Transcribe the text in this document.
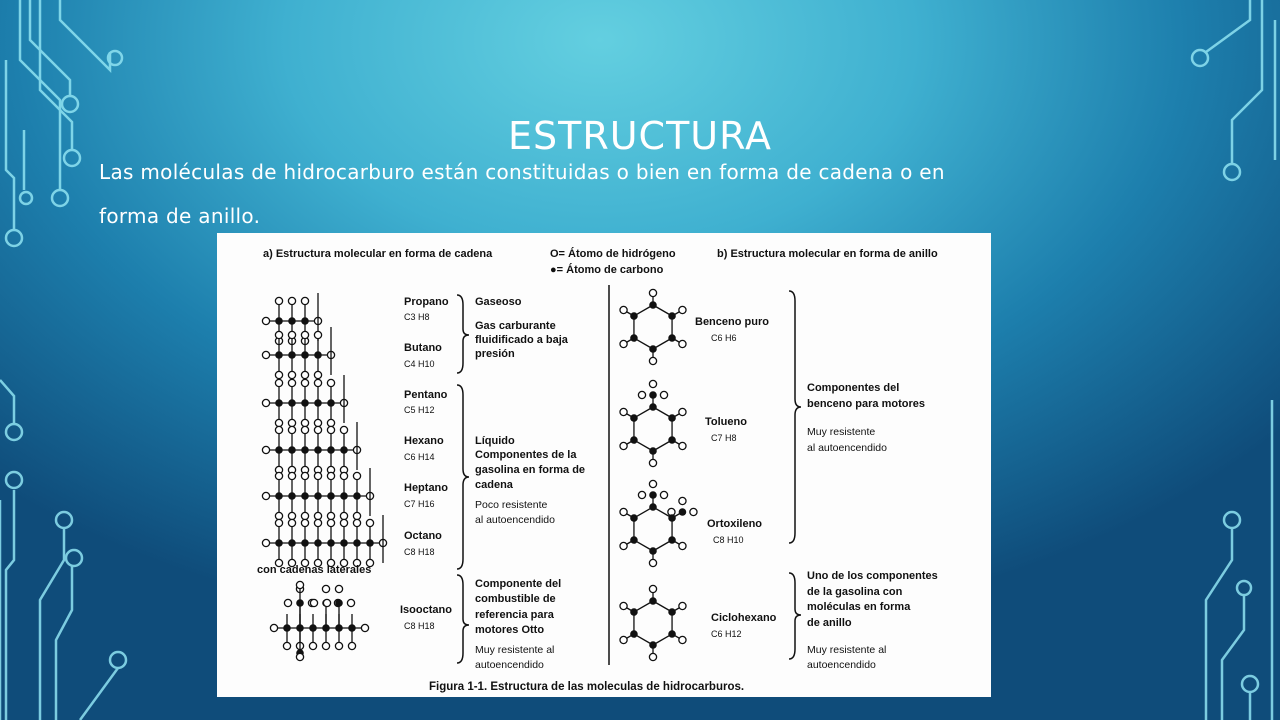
ESTRUCTURA
Las moléculas de hidrocarburo están constituidas o bien en forma de cadena o en
forma de anillo.
a) Estructura molecular en forma de cadena	b) Estructura molecular en forma de anillo
O= Átomo de hidrógeno
●= Átomo de carbono
Propano
C3 H8
Butano
C4 H10
Pentano
C5 H12
Hexano
C6 H14
Heptano
C7 H16
Octano
C8 H18
con cadenas laterales
Isooctano
C8 H18
Gaseoso
Gas carburante
fluidificado a baja
presión
Líquido
Componentes de la
gasolina en forma de
cadena
Poco resistente
al autoencendido
Componente del
combustible de
referencia para
motores Otto
Muy resistente al
autoencendido
Benceno puro
C6 H6
Tolueno
C7 H8
Ortoxileno
C8 H10
Ciclohexano
C6 H12
Componentes del
benceno para motores
Muy resistente
al autoencendido
Uno de los componentes
de la gasolina con
moléculas en forma
de anillo
Muy resistente al
autoencendido
Figura 1-1. Estructura de las moleculas de hidrocarburos.
